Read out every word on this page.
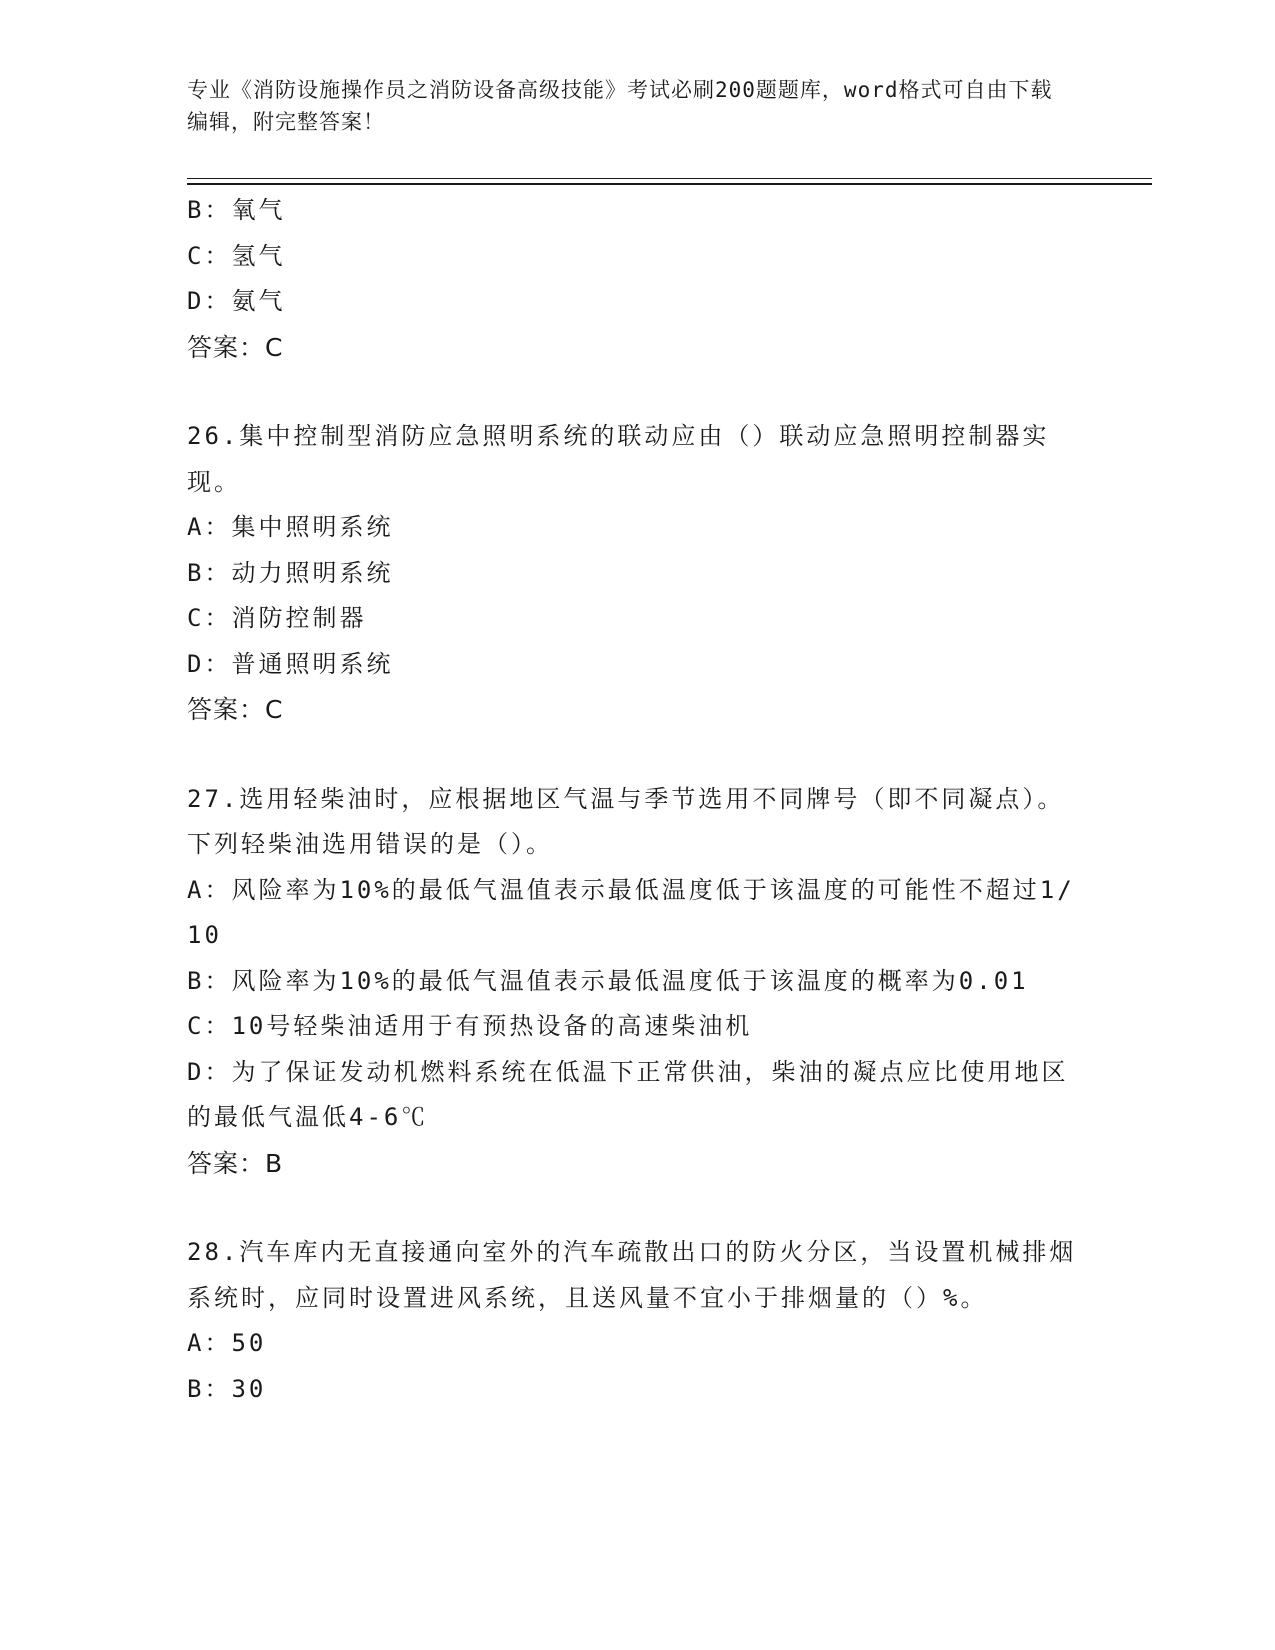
专业《消防设施操作员之消防设备高级技能》考试必刷200题题库，word格式可自由下载编辑，附完整答案！
B：氧气
C：氢气
D：氨气
答案：C
26.集中控制型消防应急照明系统的联动应由（）联动应急照明控制器实现。
A：集中照明系统
B：动力照明系统
C：消防控制器
D：普通照明系统
答案：C
27.选用轻柴油时，应根据地区气温与季节选用不同牌号（即不同凝点）。下列轻柴油选用错误的是（）。
A：风险率为10%的最低气温值表示最低温度低于该温度的可能性不超过1/10
B：风险率为10%的最低气温值表示最低温度低于该温度的概率为0.01
C：10号轻柴油适用于有预热设备的高速柴油机
D：为了保证发动机燃料系统在低温下正常供油，柴油的凝点应比使用地区的最低气温低4-6℃
答案：B
28.汽车库内无直接通向室外的汽车疏散出口的防火分区，当设置机械排烟系统时，应同时设置进风系统，且送风量不宜小于排烟量的（）%。
A：50
B：30
